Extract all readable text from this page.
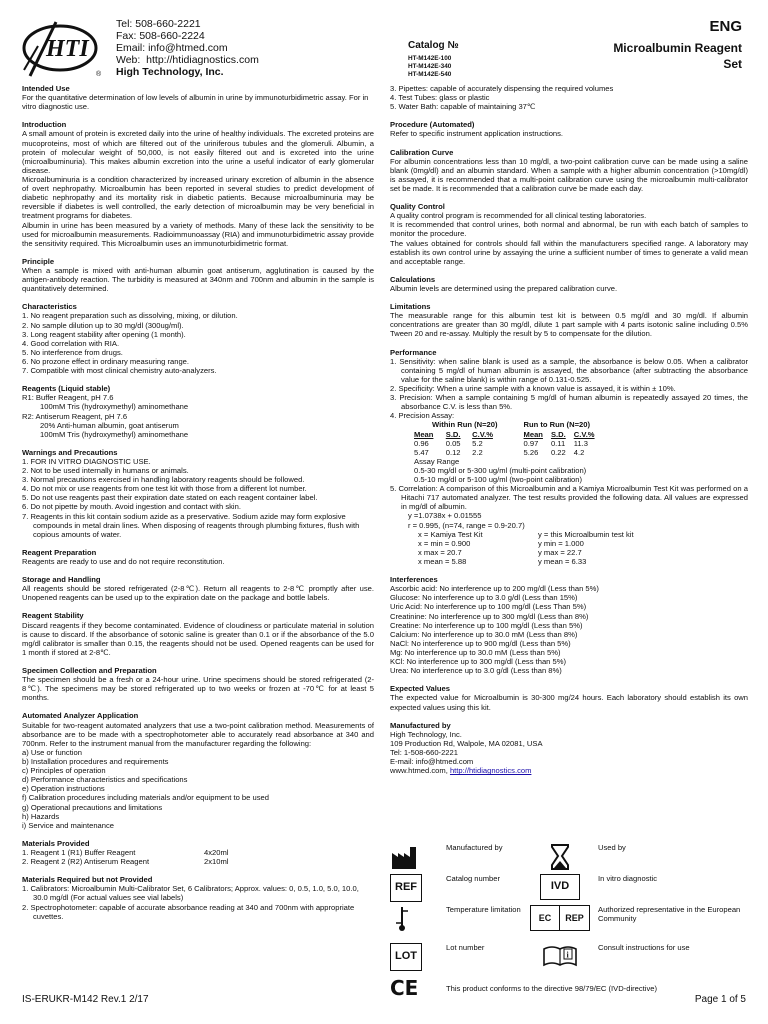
HTI
®
Tel: 508-660-2221
Fax: 508-660-2224
Email: info@htmed.com
Web:  http://htidiagnostics.com
High Technology, Inc.
Catalog №
HT-M142E-100
HT-M142E-340
HT-M142E-540
ENG
Microalbumin Reagent
Set
Intended Use

For the quantitative determination of low levels of albumin in urine by immunoturbidimetric assay. For in vitro diagnostic use.

Introduction

A small amount of protein is excreted daily into the urine of healthy individuals. The excreted proteins are mucoproteins, most of which are filtered out of the uriniferous tubules and the glomeruli. Albumin, a protein of molecular weight of 50,000, is not easily filtered out and is excreted into the urine (microalbuminuria). This makes albumin excretion into the urine a useful indicator of early glomerular disease.

Microalbuminuria is a condition characterized by increased urinary excretion of albumin in the absence of overt nephropathy. Microalbumin has been reported in several studies to predict development of diabetic nephropathy and its mortality risk in diabetic patients. Because microalbuminuria may be reversible if diabetes is well controlled, the early detection of microalbumin may be very beneficial in treatment programs for diabetes.

Albumin in urine has been measured by a variety of methods. Many of these lack the sensitivity to be used for microalbumin measurements. Radioimmunoassay (RIA) and immunoturbidimetric assay provide the sensitivity required. This Microalbumin uses an immunoturbidimetric format.

Principle

When a sample is mixed with anti-human albumin goat antiserum, agglutination is caused by the antigen-antibody reaction. The turbidity is measured at 340nm and 700nm and albumin in the sample is quantitatively determined.

Characteristics
1. No reagent preparation such as dissolving, mixing, or dilution.
2. No sample dilution up to 30 mg/dl (300ug/ml).
3. Long reagent stability after opening (1 month).
4. Good correlation with RIA.
5. No interference from drugs.
6. No prozone effect in ordinary measuring range.
7. Compatible with most clinical chemistry auto-analyzers.
Reagents (Liquid stable)
R1: Buffer Reagent, pH 7.6
100mM Tris (hydroxymethyl) aminomethane
R2: Antiserum Reagent, pH 7.6
20% Anti-human albumin, goat antiserum
100mM Tris (hydroxymethyl) aminomethane
Warnings and Precautions
1. FOR IN VITRO DIAGNOSTIC USE.
2. Not to be used internally in humans or animals.
3. Normal precautions exercised in handling laboratory reagents should be followed.
4. Do not mix or use reagents from one test kit with those from a different lot number.
5. Do not use reagents past their expiration date stated on each reagent container label.
6. Do not pipette by mouth. Avoid ingestion and contact with skin.
7. Reagents in this kit contain sodium azide as a preservative. Sodium azide may form explosive compounds in metal drain lines. When disposing of reagents through plumbing fixtures, flush with copious amounts of water.
Reagent Preparation

Reagents are ready to use and do not require reconstitution.

Storage and Handling

All reagents should be stored refrigerated (2-8℃). Return all reagents to 2-8℃ promptly after use. Unopened reagents can be used up to the expiration date on the package and bottle labels.

Reagent Stability

Discard reagents if they become contaminated. Evidence of cloudiness or particulate material in solution is cause to discard. If the absorbance of sotonic saline is greater than 0.1 or if the absorbance of the 5.0 mg/dl calibrator is smaller than 0.15, the reagents should not be used. Opened reagents can be used for 1 month if stored at 2-8℃.

Specimen Collection and Preparation

The specimen should be a fresh or a 24-hour urine. Urine specimens should be stored refrigerated (2-8℃). The specimens may be stored refrigerated up to two weeks or frozen at -70℃ for at least 5 months.

Automated Analyzer Application

Suitable for two-reagent automated analyzers that use a two-point calibration method. Measurements of absorbance are to be made with a spectrophotometer able to accurately read absorbance at 340 and 700nm. Refer to the instrument manual from the manufacturer regarding the following:

a) Use or function
b) Installation procedures and requirements
c) Principles of operation
d) Performance characteristics and specifications
e) Operation instructions
f) Calibration procedures including materials and/or equipment to be used
g) Operational precautions and limitations
h) Hazards
i) Service and maintenance
Materials Provided
1. Reagent 1 (R1) Buffer Reagent	4x20ml
2. Reagent 2 (R2) Antiserum Reagent	2x10ml
Materials Required but not Provided
1. Calibrators: Microalbumin Multi-Calibrator Set, 6 Calibrators; Approx. values: 0, 0.5, 1.0, 5.0, 10.0, 30.0 mg/dl (For actual values see vial labels)
2. Spectrophotometer: capable of accurate absorbance reading at 340 and 700nm with appropriate cuvettes.
3. Pipettes: capable of accurately dispensing the required volumes
4. Test Tubes: glass or plastic
5. Water Bath: capable of maintaining 37℃
Procedure (Automated)

Refer to specific instrument application instructions.

Calibration Curve

For albumin concentrations less than 10 mg/dl, a two-point calibration curve can be made using a saline blank (0mg/dl) and an albumin standard. When a sample with a higher albumin concentration (>10mg/dl) is assayed, it is recommended that a multi-point calibration curve using the microalbumin multi-calibrator set be made. It is recommended that a calibration curve be made each day.

Quality Control

A quality control program is recommended for all clinical testing laboratories.

It is recommended that control urines, both normal and abnormal, be run with each batch of samples to monitor the procedure.

The values obtained for controls should fall within the manufacturers specified range. A laboratory may establish its own control urine by assaying the urine a sufficient number of times to generate a valid mean and acceptable range.

Calculations

Albumin levels are determined using the prepared calibration curve.

Limitations

The measurable range for this albumin test kit is between 0.5 mg/dl and 30 mg/dl. If albumin concentrations are greater than 30 mg/dl, dilute 1 part sample with 4 parts isotonic saline including 0.5% Tween 20 and re-assay. Multiply the result by 5 to compensate for the dilution.

Performance
1. Sensitivity: when saline blank is used as a sample, the absorbance is below 0.05. When a calibrator containing 5 mg/dl of human albumin is assayed, the absorbance (after subtracting the absorbance value for the saline blank) is within range of 0.131-0.525.
2. Specificity: When a urine sample with a known value is assayed, it is within ± 10%.
3. Precision: When a sample containing 5 mg/dl of human albumin is repeatedly assayed 20 times, the absorbance C.V. is less than 5%.
4. Precision Assay:
Within Run (N=20)			Run to Run (N=20)		
Mean	S.D.	C.V.%	Mean	S.D.	C.V.%
0.96	0.05	5.2	0.97	0.11	11.3
5.47	0.12	2.2	5.26	0.22	4.2
Assay Range
0.5-30 mg/dl or 5-300 ug/ml (multi-point calibration)
0.5-10 mg/dl or 5-100 ug/ml (two-point calibration)

5. Correlation: A comparison of this Microalbumin and a Kamiya Microalbumin Test Kit was performed on a Hitachi 717 automated analyzer. The test results provided the following data. All values are expressed in mg/dl of albumin.

y =1.0738x + 0.01555
r = 0.995, (n=74, range = 0.9-20.7)
x = Kamiya Test Kit	y = this Microalbumin test kit
x = min = 0.900	y min = 1.000
x max = 20.7	y max = 22.7
x mean = 5.88	y mean = 6.33
Interferences
Ascorbic acid: No interference up to 200 mg/dl (Less than 5%)
Glucose: No interference up to 3.0 g/dl (Less than 15%)
Uric Acid: No interference up to 100 mg/dl (Less Than 5%)
Creatinine: No interference up to 300 mg/dl (Less than 8%)
Creatine: No interference up to 100 mg/dl (Less than 5%)
Calcium: No interference up to 30.0 mM (Less than 8%)
NaCl: No interference up to 900 mg/dl (Less than 5%)
Mg: No interference up to 30.0 mM (Less than 5%)
KCl: No interference up to 300 mg/dl (Less than 5%)
Urea: No interference up to 3.0 g/dl (Less than 8%)
Expected Values

The expected value for Microalbumin is 30-300 mg/24 hours. Each laboratory should establish its own expected values using this kit.

Manufactured by
High Technology, Inc.
109 Production Rd, Walpole, MA 02081, USA
Tel: 1-508-660-2221
E-mail: info@htmed.com
www.htmed.com, http://htidiagnostics.com
Manufactured by	Used by
REF
Catalog number
IVD
In vitro diagnostic
Temperature limitation
EC	REP
Authorized representative in the European Community
LOT
Lot number
i
Consult instructions for use
CE	This product conforms to the directive 98/79/EC (IVD-directive)
IS-ERUKR-M142 Rev.1 2/17	Page 1 of 5
